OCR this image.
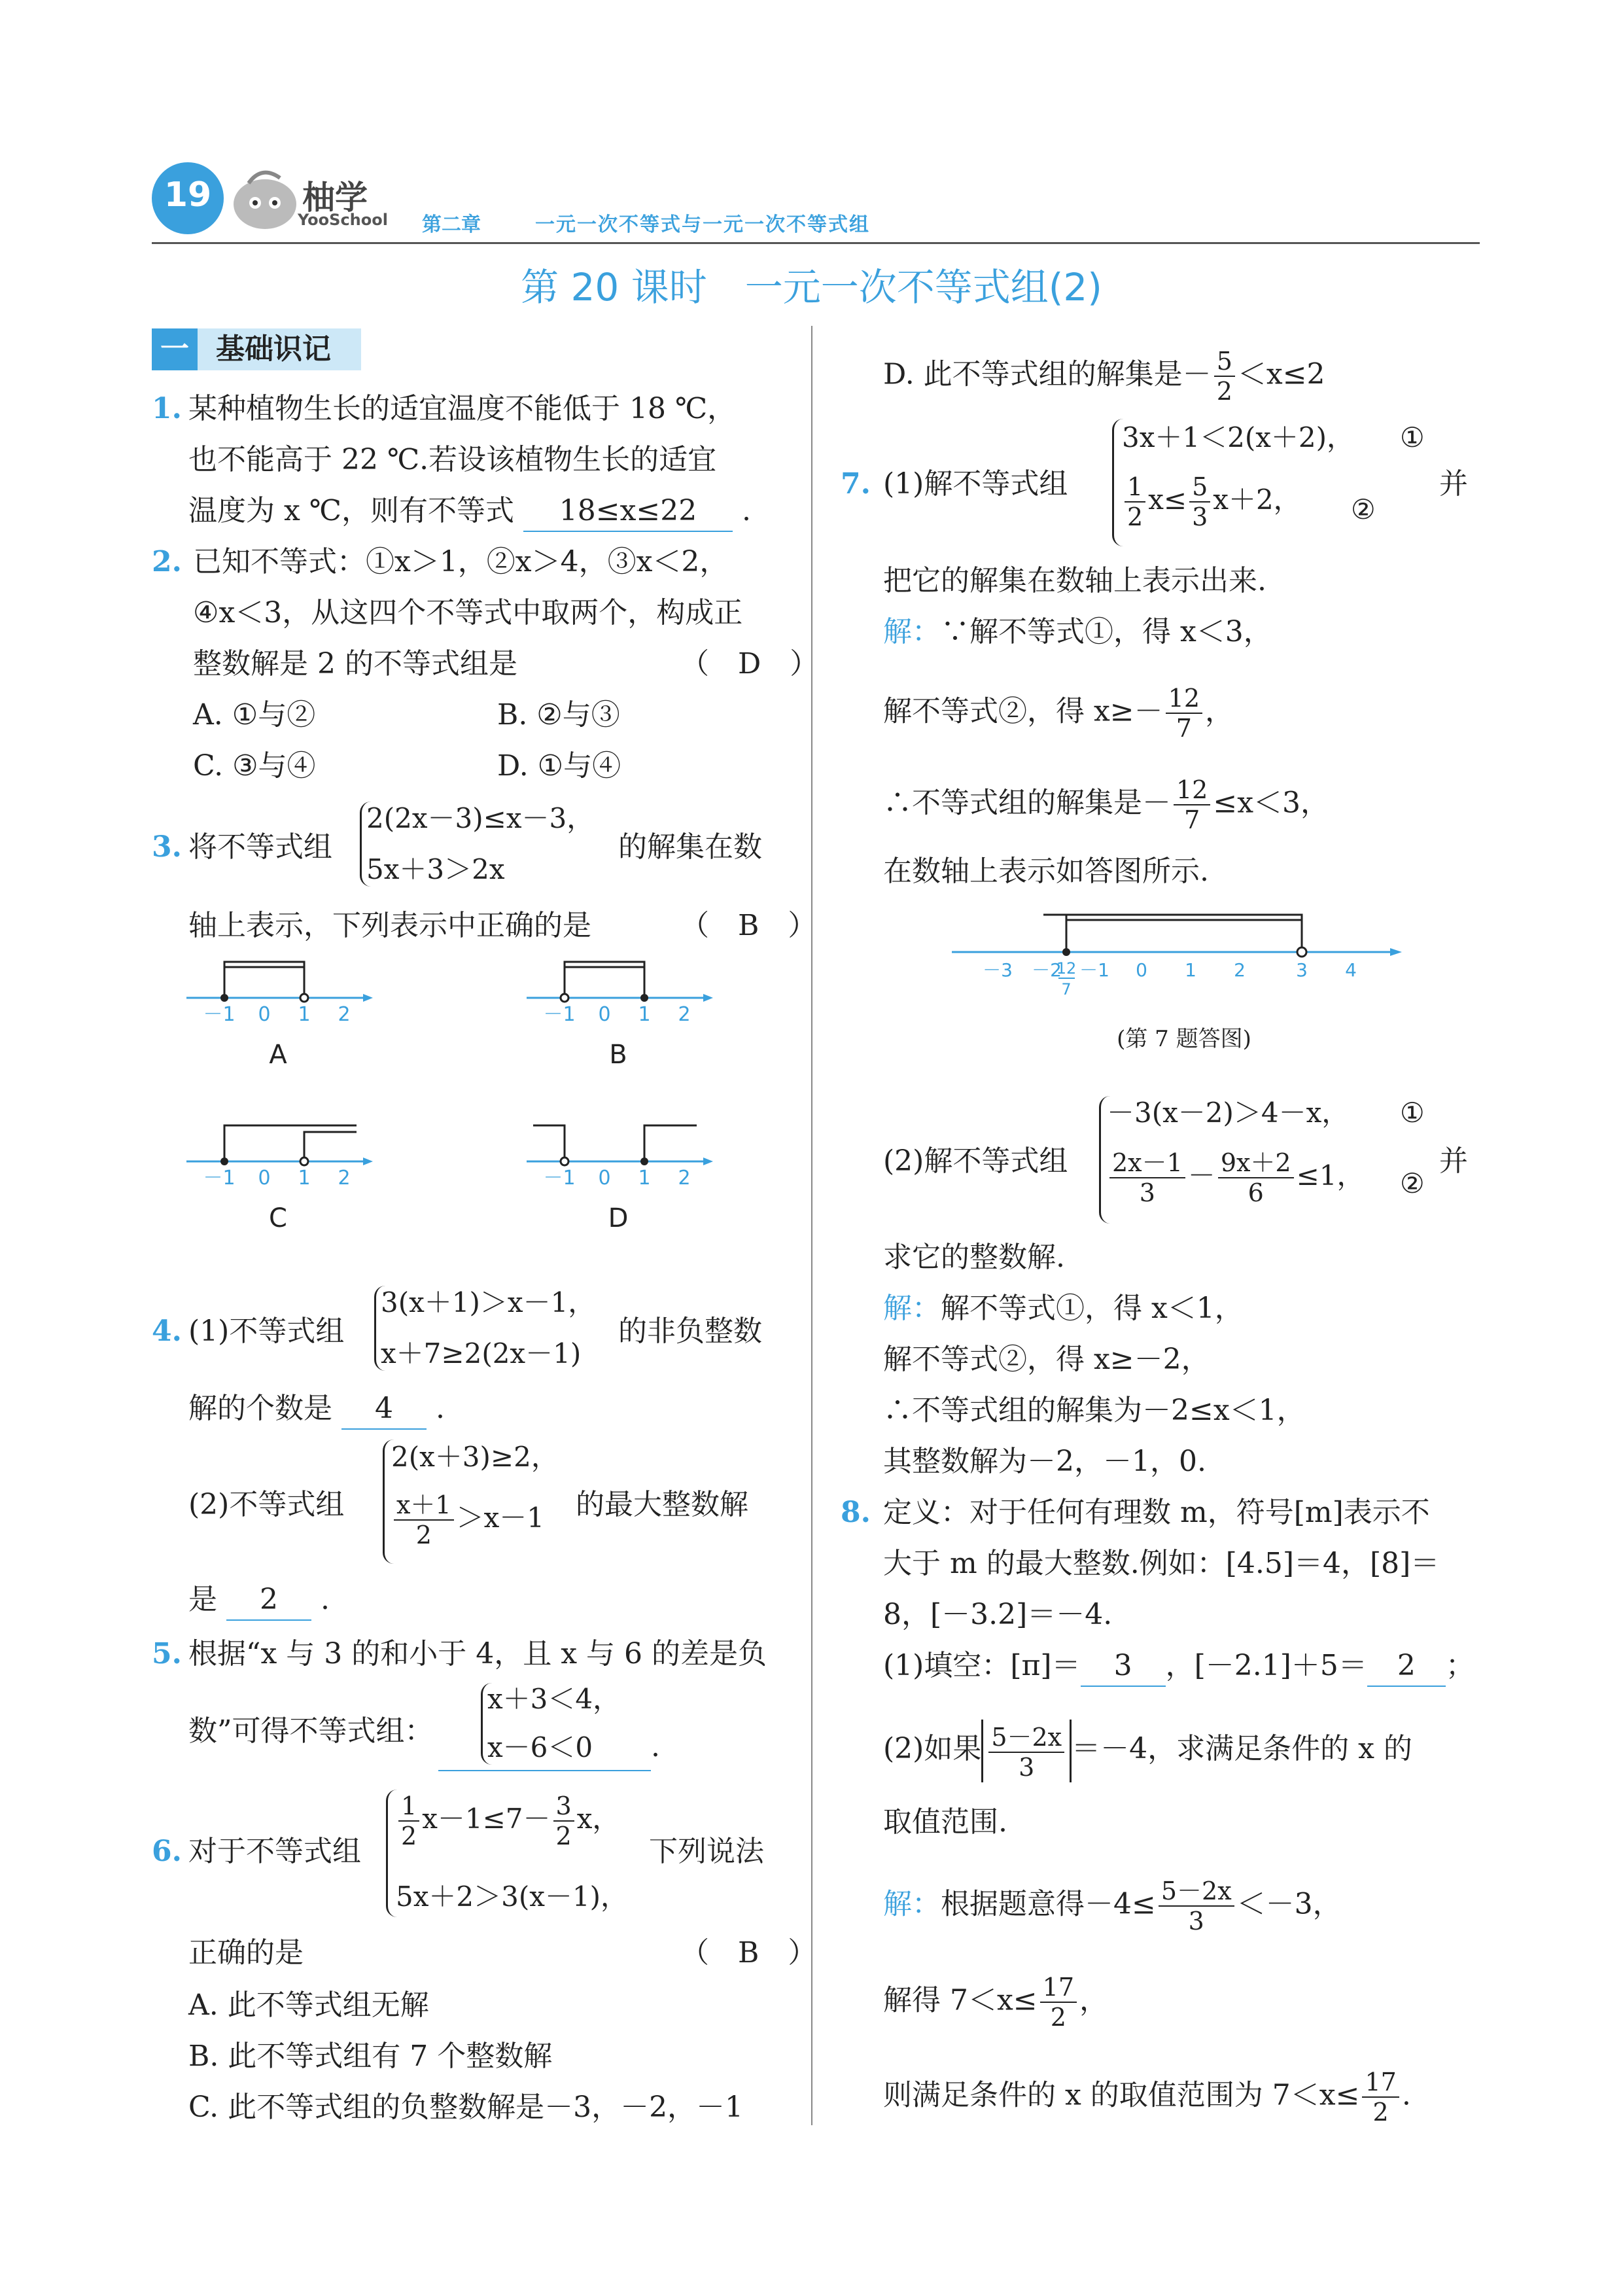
19	柚学
YooSchool 第二章	一元一次不等式与一元一次不等式组
第 20 课时　一元一次不等式组(2)
一 基础识记
1. 某种植物生长的适宜温度不能低于 18 ℃，
也不能高于 22 ℃.若设该植物生长的适宜
温度为 x ℃，则有不等式 18≤x≤22 .
2. 已知不等式：①x＞1，②x＞4，③x＜2，
④x＜3，从这四个不等式中取两个，构成正
整数解是 2 的不等式组是	（　D　）
A. ①与②	B. ②与③
C. ③与④	D. ①与④
3. 将不等式组
2(2x－3)≤x－3，
5x＋3＞2x
的解集在数
轴上表示，下列表示中正确的是	（　B　）
－1 0 1 2
A
－1 0 1 2
B
－1 0 1 2
C
－1 0 1 2
D
4. (1)不等式组
3(x＋1)＞x－1，
x＋7≥2(2x－1)
的非负整数
解的个数是 4 .
(2)不等式组
2(x＋3)≥2，
$\frac{x+1}{2} >x-1$ 的最大整数解
是 2 .
5. 根据“x 与 3 的和小于 4，且 x 与 6 的差是负
数”可得不等式组：
x＋3＜4，
x－6＜0 .
6. 对于不等式组
$\frac{1}{2} x-1\le 7- \frac{3}{2}$ x，
5x＋2＞3(x－1)，
下列说法
正确的是	（　B　）
A. 此不等式组无解
B. 此不等式组有 7 个整数解
C. 此不等式组的负整数解是－3，－2，－1
D. 此不等式组的解集是－ $\frac{5}{2} <x\le 2$
7. (1)解不等式组
3x＋1＜2(x＋2)， ①
$\frac{1}{2} x\le \frac{5}{3} x+2$， ②
并
把它的解集在数轴上表示出来.
解：∵解不等式①，得 x＜3，
解不等式②，得 $x\ge- \frac{12}{7}$ ，
∴不等式组的解集是－ $\frac{12}{7} \le x<3$，
在数轴上表示如答图所示.
－3 －2
12
7
－1 0 1 2	3 4
(第 7 题答图)
(2)解不等式组
－3(x－2)＞4－x， ①
$\frac{2x-1}{3} - \frac{9x+2}{6} \le 1$， ②
并
求它的整数解.
解：解不等式①，得 x＜1，
解不等式②，得 x≥－2，
∴不等式组的解集为－2≤x＜1，
其整数解为－2，－1，0.
8. 定义：对于任何有理数 m，符号[m]表示不
大于 m 的最大整数.例如：[4.5]＝4，[8]＝
8，[－3.2]＝－4.
(1)填空：[π]＝ 3 ，[－2.1]＋5＝ 2 ；
(2)如果 $\frac{5-2x}{3} =-4$，求满足条件的 x 的
取值范围.
解：根据题意得$-4\le \frac{5-2x}{3} <-3$，
解得 $7<x\le \frac{17}{2}$ ，
则满足条件的 x 的取值范围为 $7<x\le \frac{17}{2}$ .
